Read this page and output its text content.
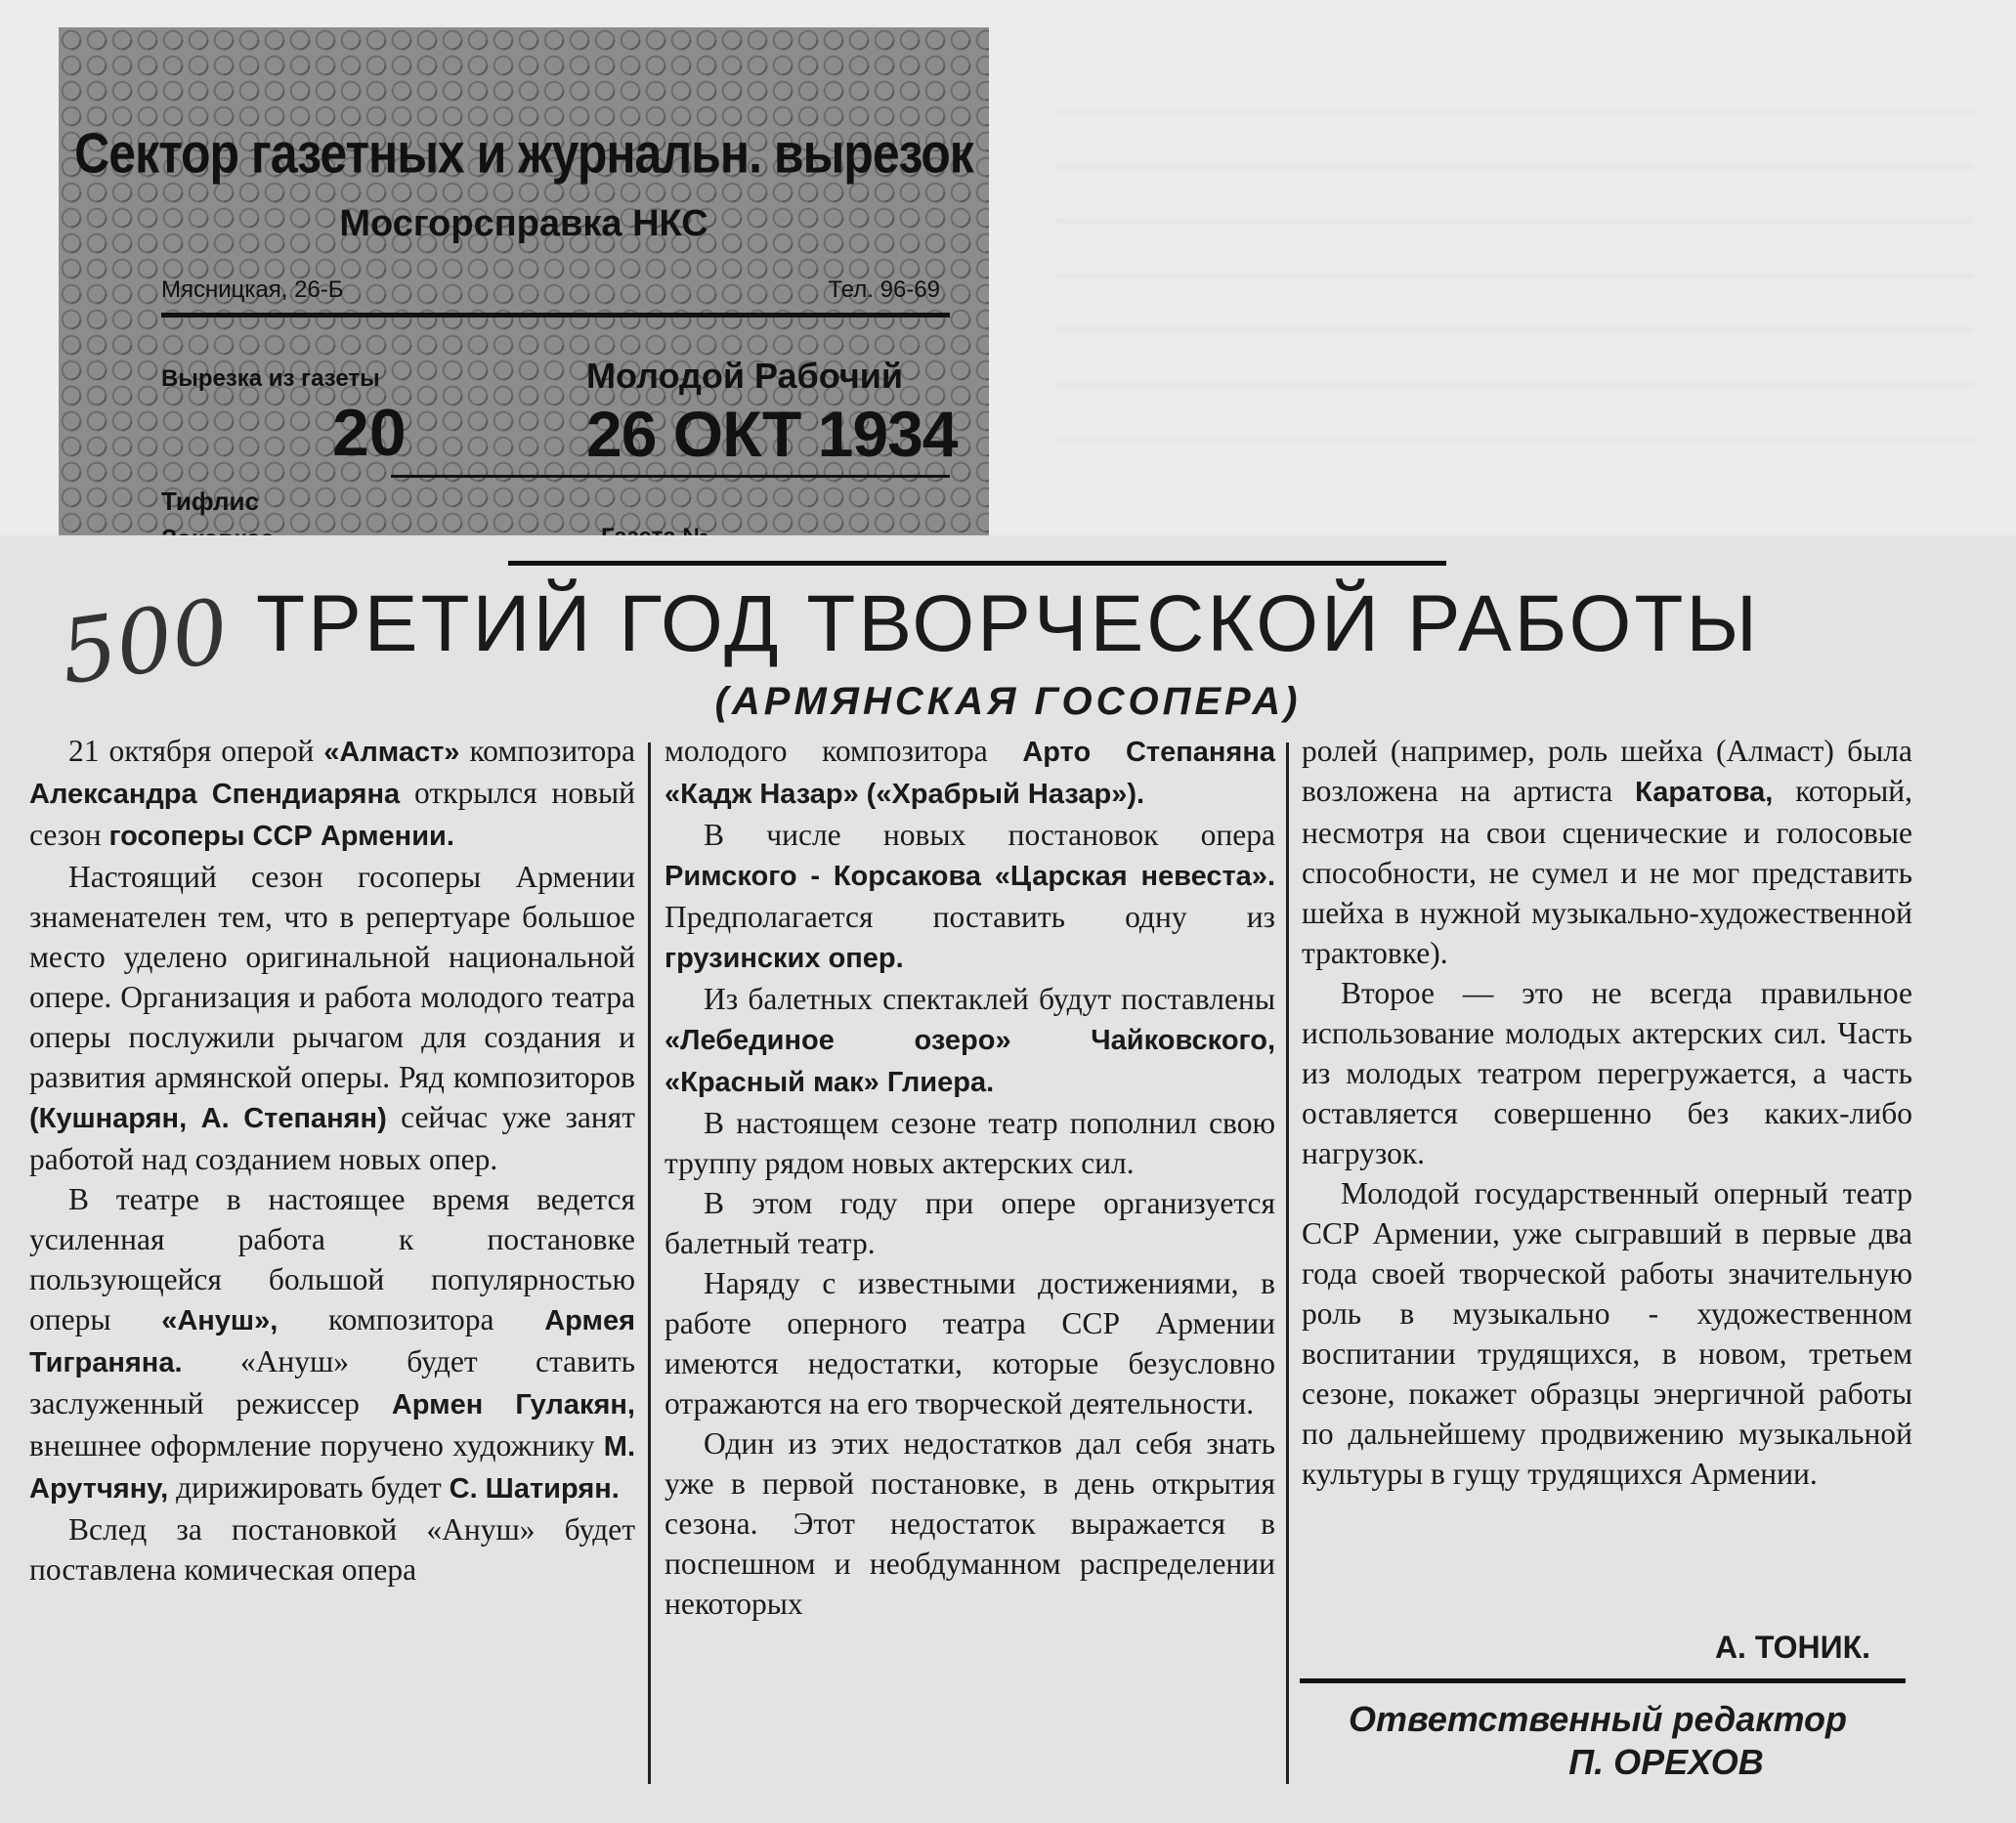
Сектор газетных и журнальн. вырезок
Мосгорсправка НКС
Мясницкая, 26-Б	Тел. 96-69
Вырезка из газеты	Молодой Рабочий
20	26 ОКТ 1934
Тифлис
500 ТРЕТИЙ ГОД ТВОРЧЕСКОЙ РАБОТЫ
(АРМЯНСКАЯ ГОСОПЕРА)

21 октября оперой «Алмаст» композитора Александра Спендиаряна открылся новый сезон госоперы ССР Армении.

Настоящий сезон госоперы Армении знаменателен тем, что в репертуаре большое место уделено оригинальной национальной опере. Организация и работа молодого театра оперы послужили рычагом для создания и развития армянской оперы. Ряд композиторов (Кушнарян, А. Степанян) сейчас уже занят работой над созданием новых опер.

В театре в настоящее время ведется усиленная работа к постановке пользующейся большой популярностью оперы «Ануш», композитора Армея Тиграняна. «Ануш» будет ставить заслуженный режиссер Армен Гулакян, внешнее оформление поручено художнику М. Арутчяну, дирижировать будет С. Шатирян.

Вслед за постановкой «Ануш» будет поставлена комическая опера

молодого композитора Арто Степаняна «Кадж Назар» («Храбрый Назар»).

В числе новых постановок опера Римского - Корсакова «Царская невеста». Предполагается поставить одну из грузинских опер.

Из балетных спектаклей будут поставлены «Лебединое озеро» Чайковского, «Красный мак» Глиера.

В настоящем сезоне театр пополнил свою труппу рядом новых актерских сил.

В этом году при опере организуется балетный театр.

Наряду с известными достижениями, в работе оперного театра ССР Армении имеются недостатки, которые безусловно отражаются на его творческой деятельности.

Один из этих недостатков дал себя знать уже в первой постановке, в день открытия сезона. Этот недостаток выражается в поспешном и необдуманном распределении некоторых

ролей (например, роль шейха (Алмаст) была возложена на артиста Каратова, который, несмотря на свои сценические и голосовые способности, не сумел и не мог представить шейха в нужной музыкально-художественной трактовке).

Второе — это не всегда правильное использование молодых актерских сил. Часть из молодых театром перегружается, а часть оставляется совершенно без каких-либо нагрузок.

Молодой государственный оперный театр ССР Армении, уже сыгравший в первые два года своей творческой работы значительную роль в музыкально - художественном воспитании трудящихся, в новом, третьем сезоне, покажет образцы энергичной работы по дальнейшему продвижению музыкальной культуры в гущу трудящихся Армении.

А. ТОНИК.
Ответственный редактор
П. ОРЕХОВ
